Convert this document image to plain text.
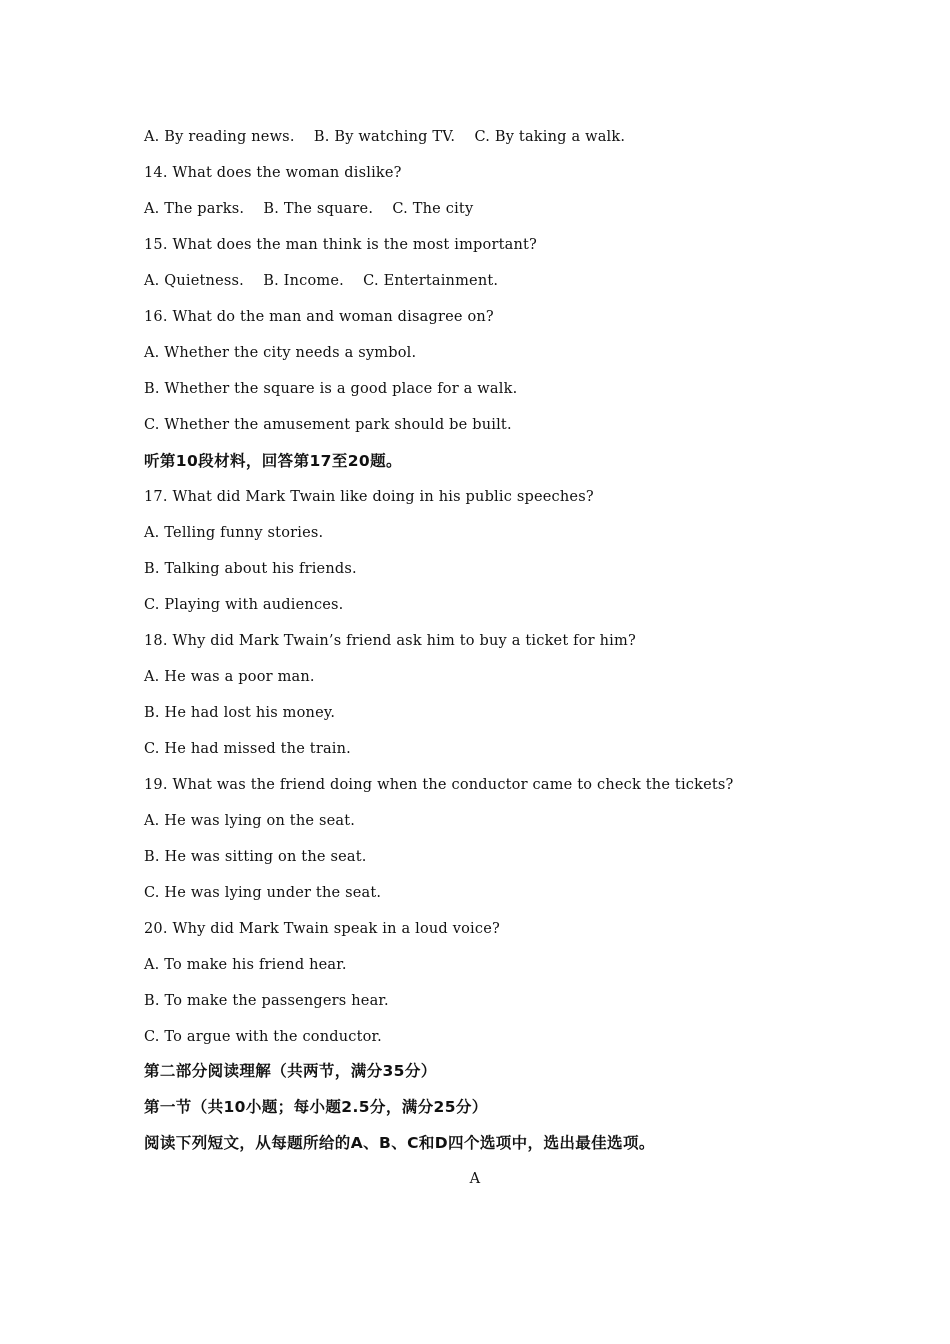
A. By reading news.    B. By watching TV.    C. By taking a walk.
14. What does the woman dislike?
A. The parks.    B. The square.    C. The city
15. What does the man think is the most important?
A. Quietness.    B. Income.    C. Entertainment.
16. What do the man and woman disagree on?
A. Whether the city needs a symbol.
B. Whether the square is a good place for a walk.
C. Whether the amusement park should be built.
听第10段材料，回答第17至20题。
17. What did Mark Twain like doing in his public speeches?
A. Telling funny stories.
B. Talking about his friends.
C. Playing with audiences.
18. Why did Mark Twain’s friend ask him to buy a ticket for him?
A. He was a poor man.
B. He had lost his money.
C. He had missed the train.
19. What was the friend doing when the conductor came to check the tickets?
A. He was lying on the seat.
B. He was sitting on the seat.
C. He was lying under the seat.
20. Why did Mark Twain speak in a loud voice?
A. To make his friend hear.
B. To make the passengers hear.
C. To argue with the conductor.
第二部分阅读理解（共两节，满分35分）
第一节（共10小题；每小题2.5分，满分25分）
阅读下列短文，从每题所给的A、B、C和D四个选项中，选出最佳选项。
A
